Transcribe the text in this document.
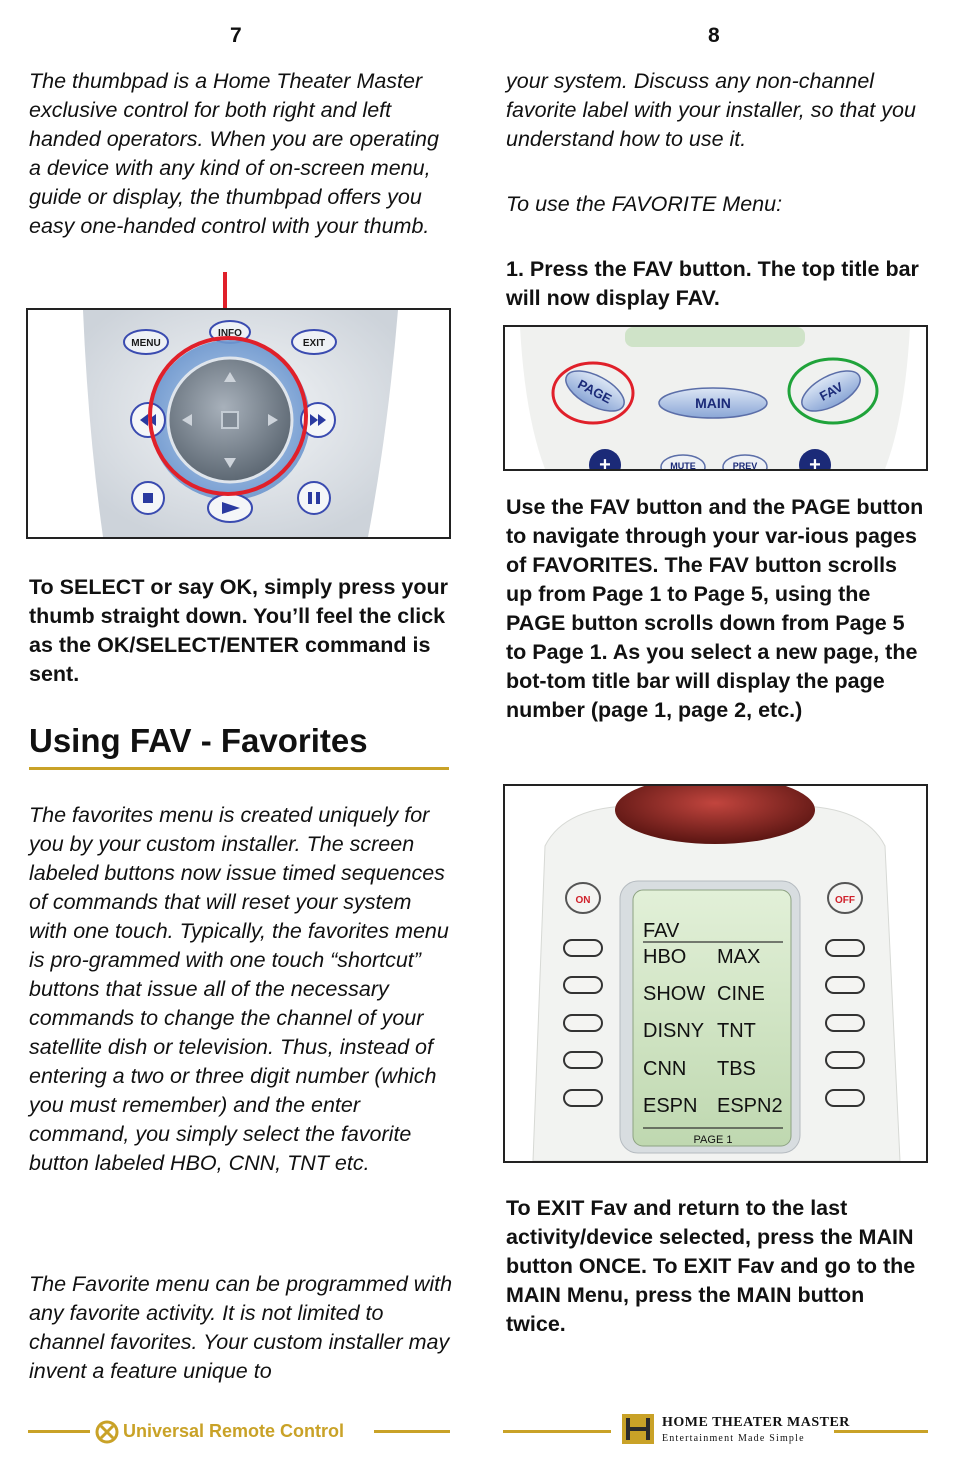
7

The thumbpad is a Home Theater Master exclusive control for both right and left handed operators. When you are operating a device with any kind of on-screen menu, guide or display, the thumbpad offers you easy one-handed control with your thumb.

MENU	EXIT
INFO

To SELECT or say OK, simply press your thumb straight down. You’ll feel the click as the OK/SELECT/ENTER command is sent.

Using FAV - Favorites

The favorites menu is created uniquely for you by your custom installer. The screen labeled buttons now issue timed sequences of commands that will reset your system with one touch. Typically, the favorites menu is pro-grammed with one touch “shortcut” buttons that issue all of the necessary commands to change the channel of your satellite dish or television. Thus, instead of entering a two or three digit number (which you must remember) and the enter command, you simply select the favorite button labeled HBO, CNN, TNT etc.

The Favorite menu can be programmed with any favorite activity. It is not limited to channel favorites. Your custom installer may invent a feature unique to

Universal Remote Control
8

your system. Discuss any non-channel favorite label with your installer, so that you understand how to use it.

To use the FAVORITE Menu:

1. Press the FAV button. The top title bar will now display FAV.

PAGE	MAIN	FAV
+	+
MUTE	PREV

Use the FAV button and the PAGE button to navigate through your var-ious pages of FAVORITES. The FAV button scrolls up from Page 1 to Page 5, using the PAGE button scrolls down from Page 5 to Page 1. As you select a new page, the bot-tom title bar will display the page number (page 1, page 2, etc.)

FAV
HBO MAX
SHOW CINE
DISNY TNT
CNN TBS
ESPN ESPN2
PAGE 1
ON	OFF

To EXIT Fav and return to the last activity/device selected, press the MAIN button ONCE. To EXIT Fav and go to the MAIN Menu, press the MAIN button twice.

HOME THEATER MASTER
Entertainment Made Simple
